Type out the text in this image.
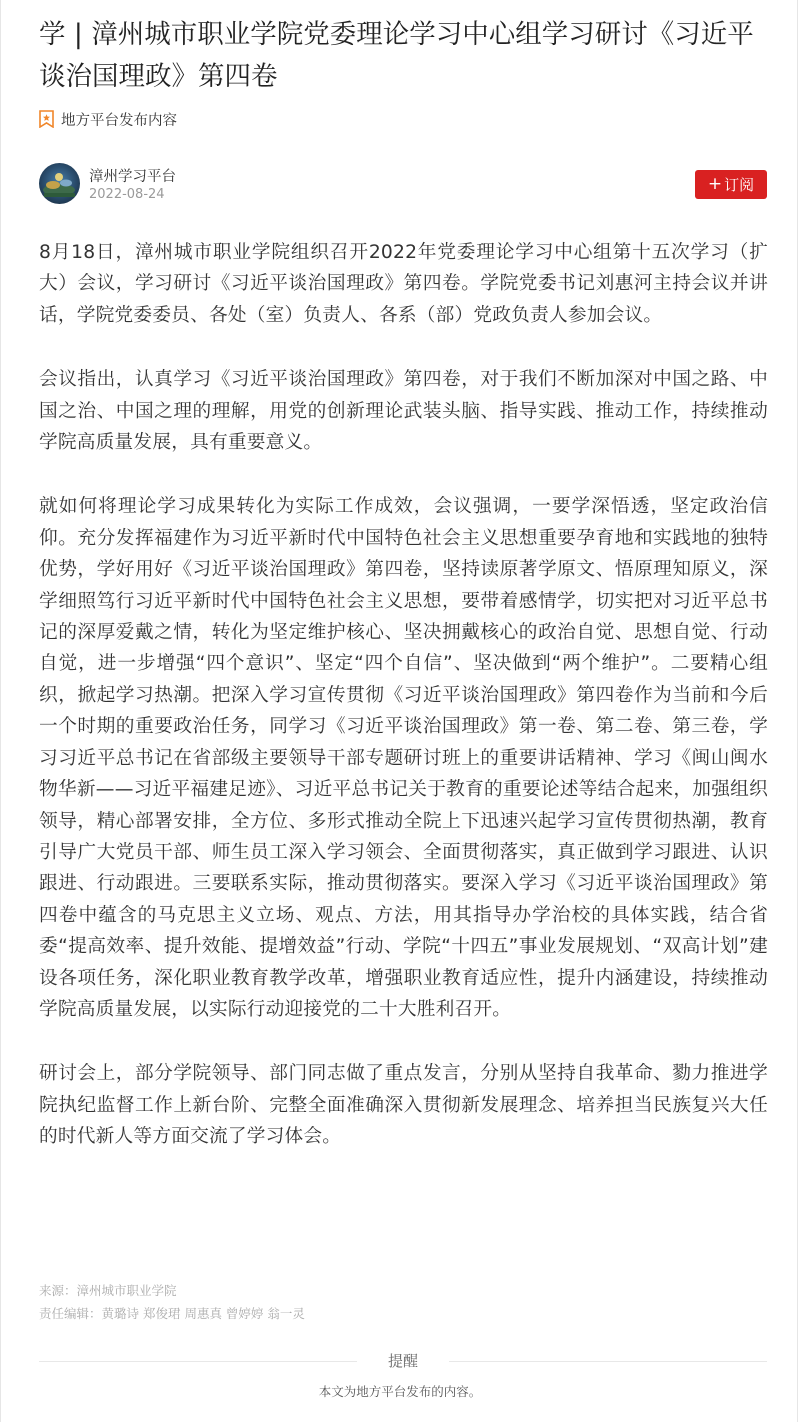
学 | 漳州城市职业学院党委理论学习中心组学习研讨《习近平谈治国理政》第四卷
地方平台发布内容
漳州学习平台
2022-08-24
+ 订阅

8月18日，漳州城市职业学院组织召开2022年党委理论学习中心组第十五次学习（扩大）会议，学习研讨《习近平谈治国理政》第四卷。学院党委书记刘惠河主持会议并讲话，学院党委委员、各处（室）负责人、各系（部）党政负责人参加会议。

会议指出，认真学习《习近平谈治国理政》第四卷，对于我们不断加深对中国之路、中国之治、中国之理的理解，用党的创新理论武装头脑、指导实践、推动工作，持续推动学院高质量发展，具有重要意义。

就如何将理论学习成果转化为实际工作成效，会议强调，一要学深悟透，坚定政治信仰。充分发挥福建作为习近平新时代中国特色社会主义思想重要孕育地和实践地的独特优势，学好用好《习近平谈治国理政》第四卷，坚持读原著学原文、悟原理知原义，深学细照笃行习近平新时代中国特色社会主义思想，要带着感情学，切实把对习近平总书记的深厚爱戴之情，转化为坚定维护核心、坚决拥戴核心的政治自觉、思想自觉、行动自觉，进一步增强“四个意识”、坚定“四个自信”、坚决做到“两个维护”。二要精心组织，掀起学习热潮。把深入学习宣传贯彻《习近平谈治国理政》第四卷作为当前和今后一个时期的重要政治任务，同学习《习近平谈治国理政》第一卷、第二卷、第三卷，学习习近平总书记在省部级主要领导干部专题研讨班上的重要讲话精神、学习《闽山闽水物华新——习近平福建足迹》、习近平总书记关于教育的重要论述等结合起来，加强组织领导，精心部署安排，全方位、多形式推动全院上下迅速兴起学习宣传贯彻热潮，教育引导广大党员干部、师生员工深入学习领会、全面贯彻落实，真正做到学习跟进、认识跟进、行动跟进。三要联系实际，推动贯彻落实。要深入学习《习近平谈治国理政》第四卷中蕴含的马克思主义立场、观点、方法，用其指导办学治校的具体实践，结合省委“提高效率、提升效能、提增效益”行动、学院“十四五”事业发展规划、“双高计划”建设各项任务，深化职业教育教学改革，增强职业教育适应性，提升内涵建设，持续推动学院高质量发展，以实际行动迎接党的二十大胜利召开。

研讨会上，部分学院领导、部门同志做了重点发言，分别从坚持自我革命、勠力推进学院执纪监督工作上新台阶、完整全面准确深入贯彻新发展理念、培养担当民族复兴大任的时代新人等方面交流了学习体会。

来源：漳州城市职业学院
责任编辑：黄璐诗 郑俊珺 周惠真 曾婷婷 翁一灵
提醒
本文为地方平台发布的内容。
